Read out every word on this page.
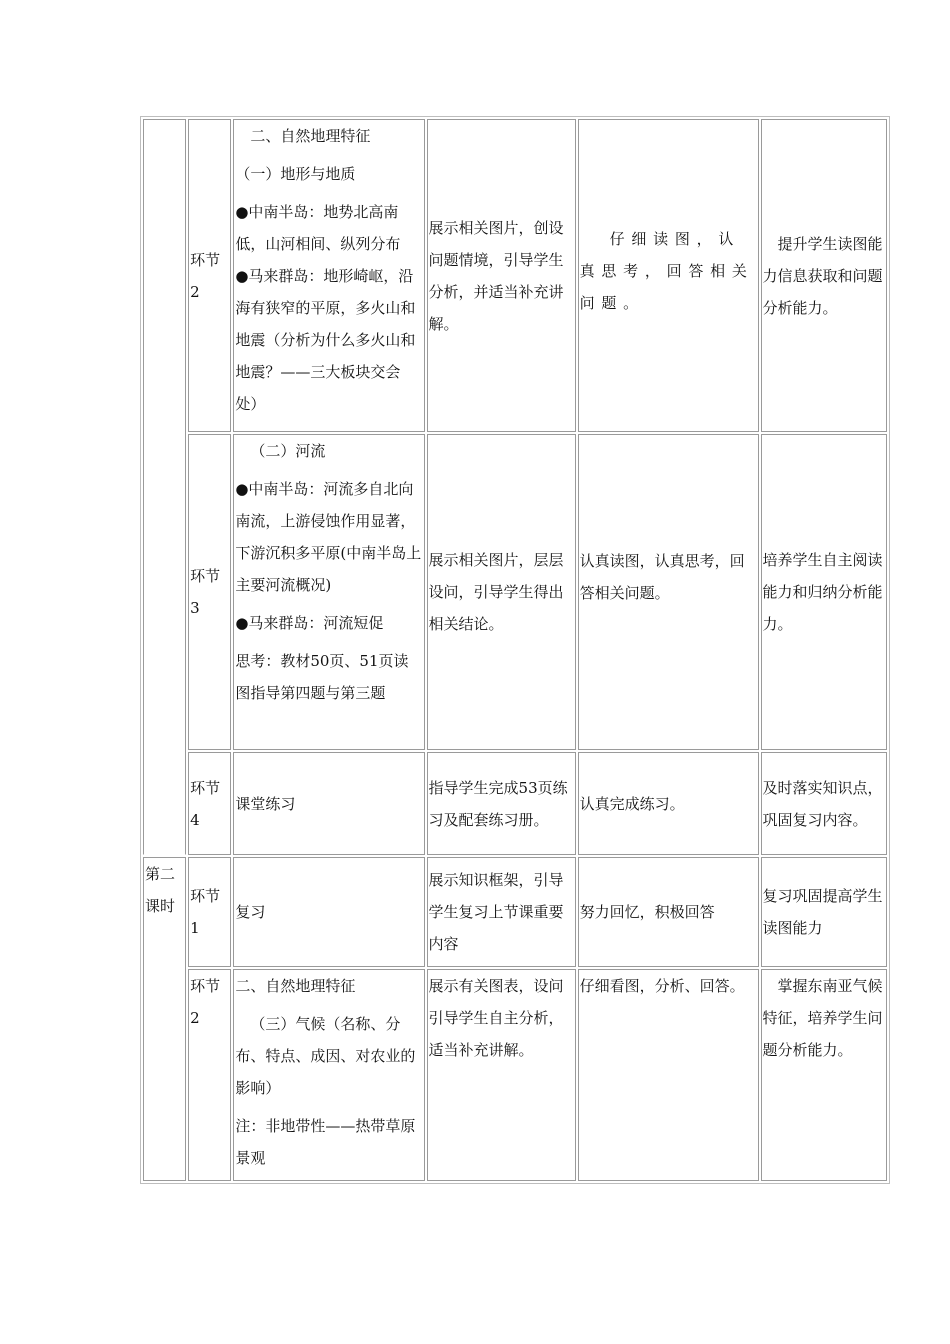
	环节2	二、自然地理特征

（一）地形与地质

●中南半岛：地势北高南低，山河相间、纵列分布

●马来群岛：地形崎岖，沿海有狭窄的平原，多火山和地震（分析为什么多火山和地震？——三大板块交会处）	展示相关图片，创设问题情境，引导学生分析，并适当补充讲解。	仔细读图，认真思考，回答相关问题。	提升学生读图能力信息获取和问题分析能力。
	环节3	（二）河流

●中南半岛：河流多自北向南流，上游侵蚀作用显著，下游沉积多平原(中南半岛上主要河流概况)

●马来群岛：河流短促

思考：教材50页、51页读图指导第四题与第三题	展示相关图片，层层设问，引导学生得出相关结论。	认真读图，认真思考，回答相关问题。	培养学生自主阅读能力和归纳分析能力。
	环节4	课堂练习	指导学生完成53页练习及配套练习册。	认真完成练习。	及时落实知识点，巩固复习内容。
第二课时	环节1	复习	展示知识框架，引导学生复习上节课重要内容	努力回忆，积极回答	复习巩固提高学生读图能力
	环节2	二、自然地理特征

（三）气候（名称、分布、特点、成因、对农业的影响）

注：非地带性——热带草原景观	展示有关图表，设问引导学生自主分析，适当补充讲解。	仔细看图，分析、回答。	掌握东南亚气候特征，培养学生问题分析能力。
